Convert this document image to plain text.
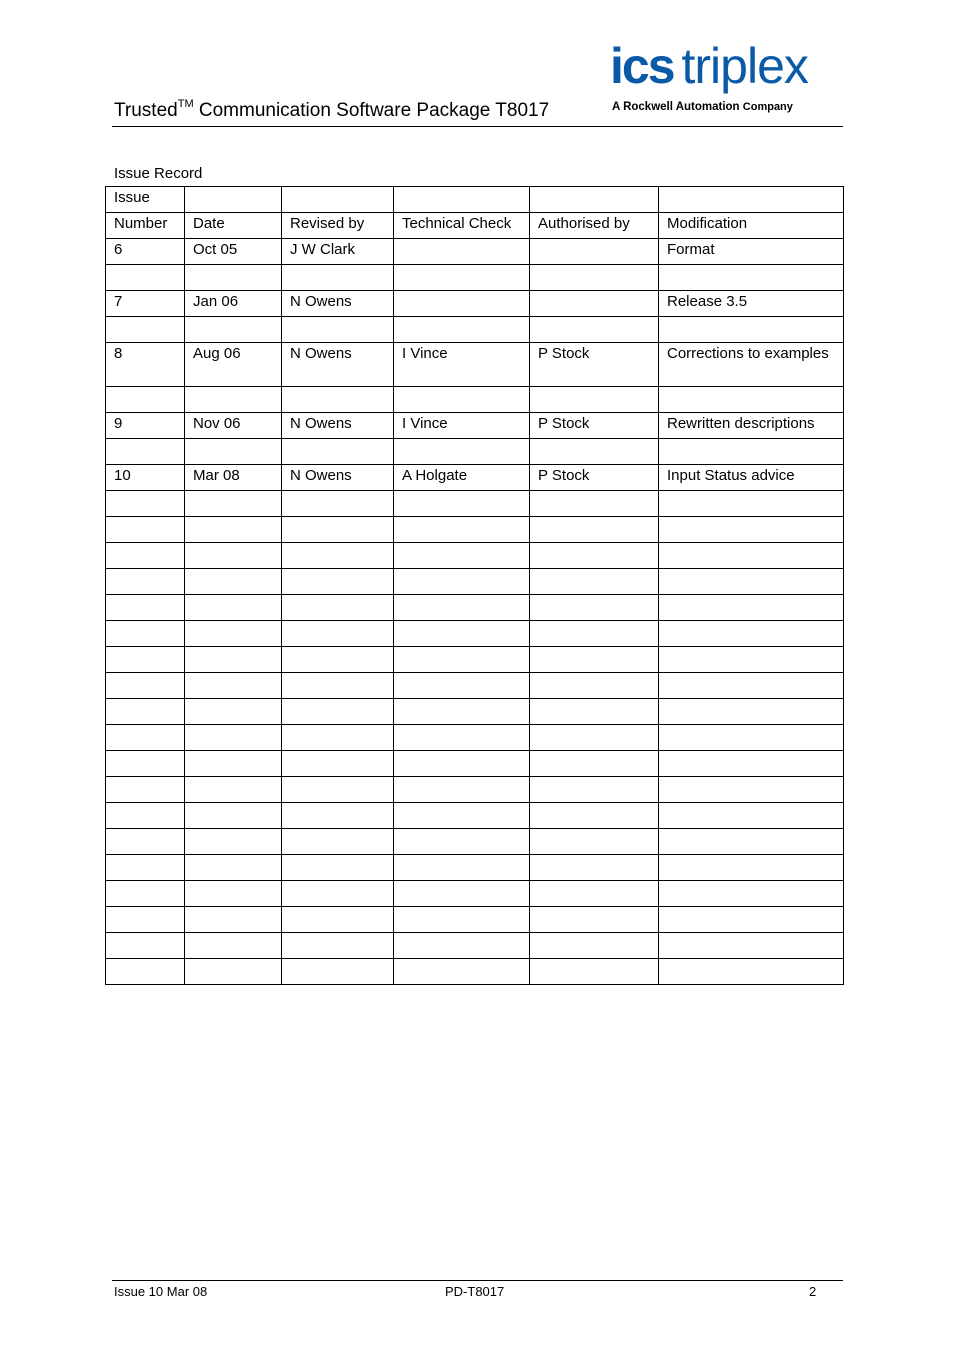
Trusted™ Communication Software Package T8017
ics triplex
A Rockwell Automation Company
Issue Record
Issue					
Number	Date	Revised by	Technical Check	Authorised by	Modification
6	Oct 05	J W Clark			Format

7	Jan 06	N Owens			Release 3.5

8	Aug 06	N Owens	I Vince	P Stock	Corrections to examples

9	Nov 06	N Owens	I Vince	P Stock	Rewritten descriptions

10	Mar 08	N Owens	A Holgate	P Stock	Input Status advice

Issue 10 Mar 08	PD-T8017	2
